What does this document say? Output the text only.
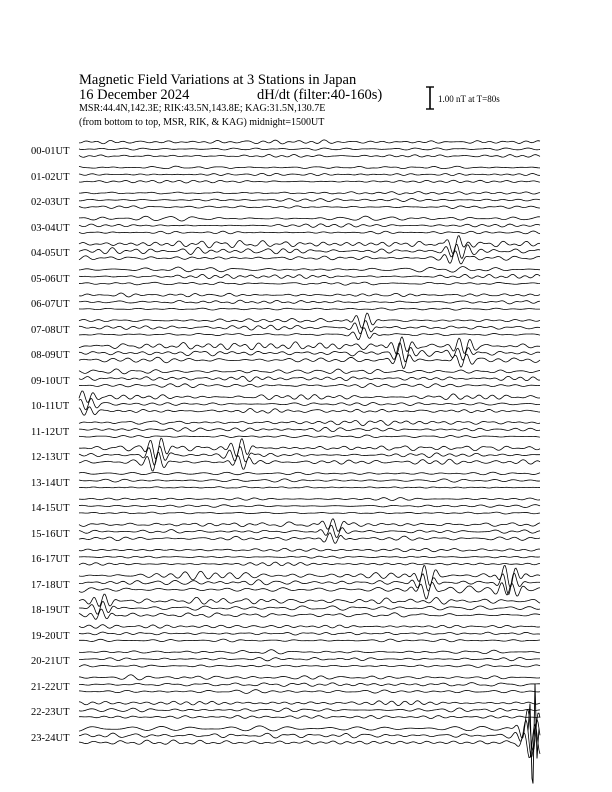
Magnetic Field Variations at 3 Stations in Japan
16 December 2024	dH/dt (filter:40-160s)
MSR:44.4N,142.3E; RIK:43.5N,143.8E; KAG:31.5N,130.7E
(from bottom to top, MSR, RIK, & KAG) midnight=1500UT
1.00 nT at T=80s
00-01UT
01-02UT
02-03UT
03-04UT
04-05UT
05-06UT
06-07UT
07-08UT
08-09UT
09-10UT
10-11UT
11-12UT
12-13UT
13-14UT
14-15UT
15-16UT
16-17UT
17-18UT
18-19UT
19-20UT
20-21UT
21-22UT
22-23UT
23-24UT
